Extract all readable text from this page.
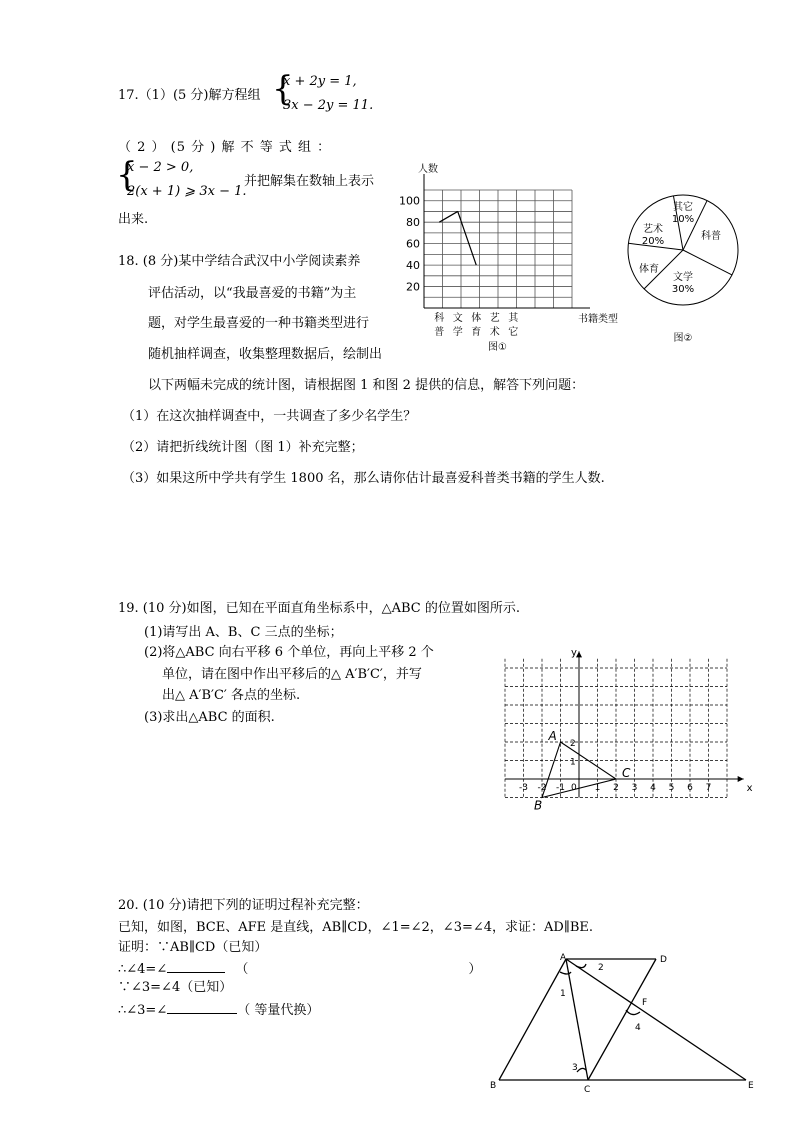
17.（1）(5 分)解方程组 {
x + 2y = 1,
3x − 2y = 11.
（ 2 ） (5 分 ) 解 不 等 式 组 ：
{
x − 2 > 0,
2(x + 1) ⩾ 3x − 1.
并把解集在数轴上表示
出来.
18. (8 分)某中学结合武汉中小学阅读素养
评估活动，以“我最喜爱的书籍”为主
题，对学生最喜爱的一种书籍类型进行
随机抽样调查，收集整理数据后，绘制出
以下两幅未完成的统计图，请根据图 1 和图 2 提供的信息，解答下列问题：
（1）在这次抽样调查中，一共调查了多少名学生？
（2）请把折线统计图（图 1）补充完整；
（3）如果这所中学共有学生 1800 名，那么请你估计最喜爱科普类书籍的学生人数.
人数
20
40
60
80
100
科
普
文
学
体
育
艺
术
其
它
书籍类型
图①
其它
10%
科普
文学
30%
体育
艺术
20%
图②
19. (10 分)如图，已知在平面直角坐标系中，△ABC 的位置如图所示.
(1)请写出 A、B、C 三点的坐标；
(2)将△ABC 向右平移 6 个单位，再向上平移 2 个
单位，请在图中作出平移后的△ A′B′C′，并写
出△ A′B′C′ 各点的坐标.
(3)求出△ABC 的面积.
x
y
0
-3 -2 -1	1 2 3 4 5 6 7
1
2
A
B
C
20. (10 分)请把下列的证明过程补充完整：
已知，如图，BCE、AFE 是直线，AB∥CD，∠1=∠2，∠3=∠4，求证：AD∥BE.
证明：∵AB∥CD（已知）
∴∠4=∠	（	）
∵∠3=∠4（已知）
∴∠3=∠	（ 等量代换）
A	D
B	C	E
F
1
2
3
4
